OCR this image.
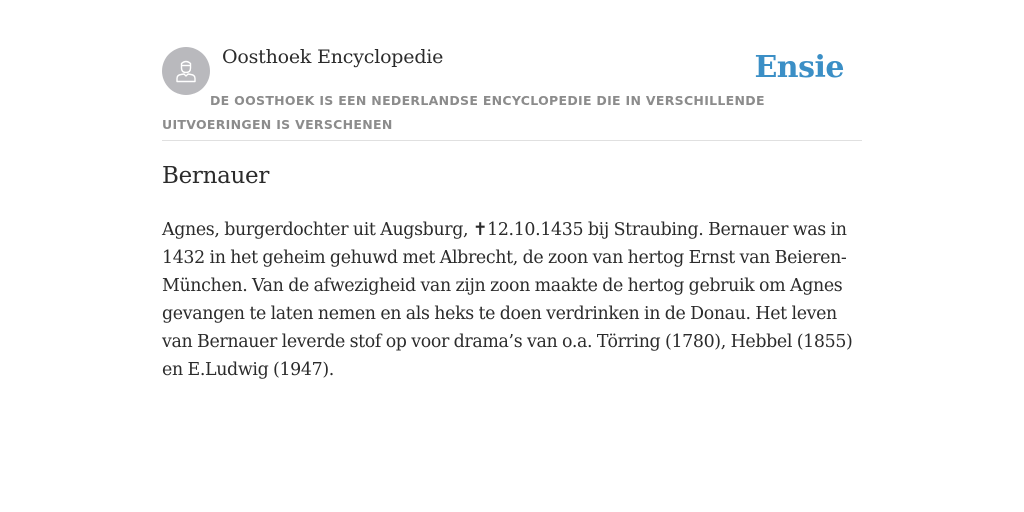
Oosthoek Encyclopedie	Ensie
DE OOSTHOEK IS EEN NEDERLANDSE ENCYCLOPEDIE DIE IN VERSCHILLENDE UITVOERINGEN IS VERSCHENEN
Bernauer

Agnes, burgerdochter uit Augsburg, ✝12.10.1435 bij Straubing. Bernauer was in 1432 in het geheim gehuwd met Albrecht, de zoon van hertog Ernst van Beieren-München. Van de afwezigheid van zijn zoon maakte de hertog gebruik om Agnes gevangen te laten nemen en als heks te doen verdrinken in de Donau. Het leven van Bernauer leverde stof op voor drama’s van o.a. Törring (1780), Hebbel (1855) en E.Ludwig (1947).
